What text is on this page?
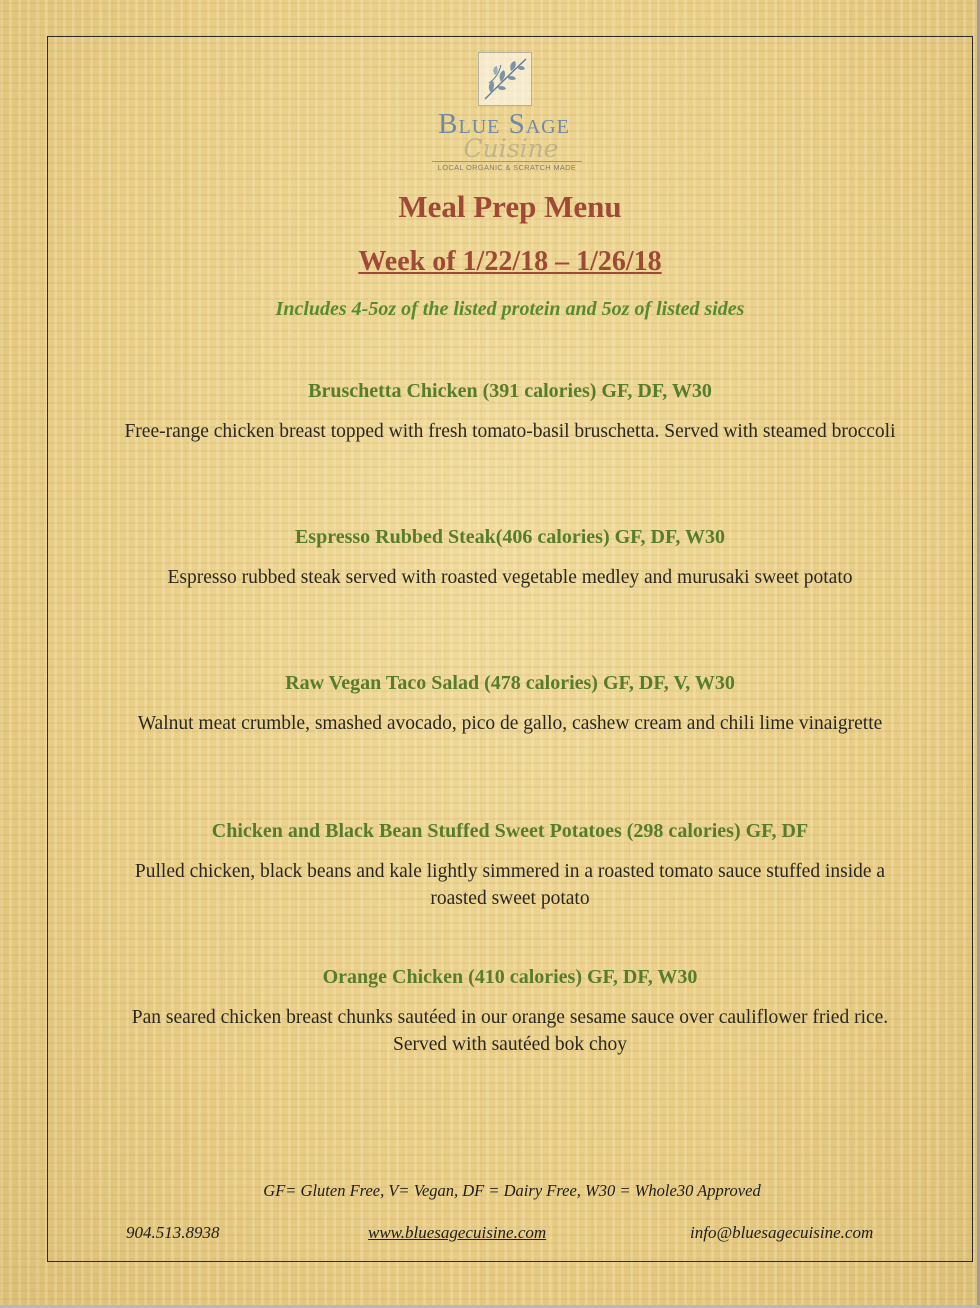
Blue Sage
Cuisine
LOCAL ORGANIC & SCRATCH MADE
Meal Prep Menu
Week of 1/22/18 – 1/26/18
Includes 4-5oz of the listed protein and 5oz of listed sides
Bruschetta Chicken (391 calories) GF, DF, W30
Free-range chicken breast topped with fresh tomato-basil bruschetta. Served with steamed broccoli
Espresso Rubbed Steak(406 calories) GF, DF, W30
Espresso rubbed steak served with roasted vegetable medley and murusaki sweet potato
Raw Vegan Taco Salad (478 calories) GF, DF, V, W30
Walnut meat crumble, smashed avocado, pico de gallo, cashew cream and chili lime vinaigrette
Chicken and Black Bean Stuffed Sweet Potatoes (298 calories) GF, DF
Pulled chicken, black beans and kale lightly simmered in a roasted tomato sauce stuffed inside a roasted sweet potato
Orange Chicken (410 calories) GF, DF, W30
Pan seared chicken breast chunks sautéed in our orange sesame sauce over cauliflower fried rice. Served with sautéed bok choy
GF= Gluten Free, V= Vegan, DF = Dairy Free, W30 = Whole30 Approved
904.513.8938	www.bluesagecuisine.com	info@bluesagecuisine.com
